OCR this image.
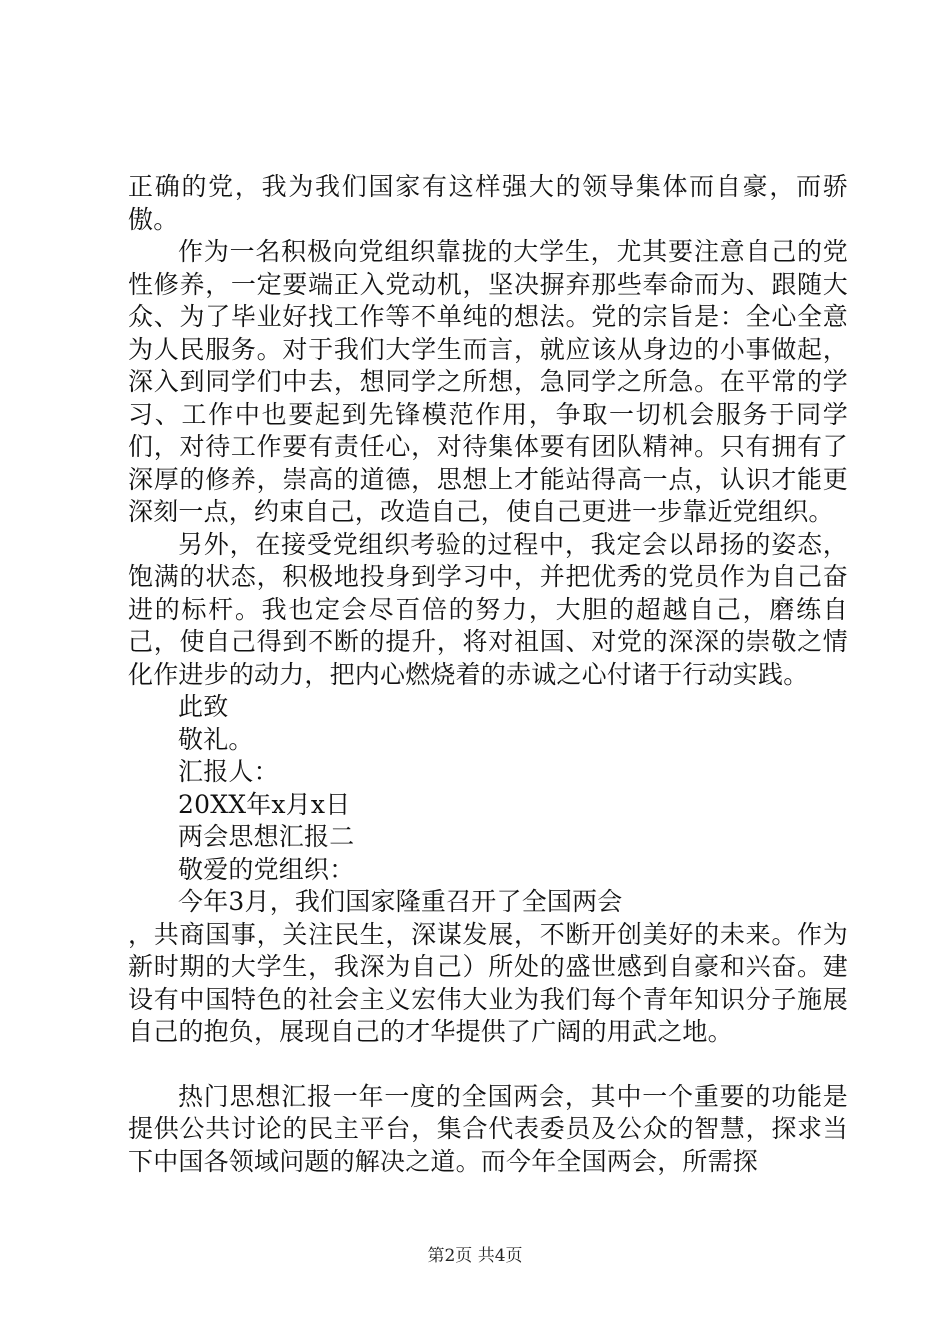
正确的党，我为我们国家有这样强大的领导集体而自豪，而骄傲。

作为一名积极向党组织靠拢的大学生，尤其要注意自己的党性修养，一定要端正入党动机，坚决摒弃那些奉命而为、跟随大众、为了毕业好找工作等不单纯的想法。党的宗旨是：全心全意为人民服务。对于我们大学生而言，就应该从身边的小事做起，深入到同学们中去，想同学之所想，急同学之所急。在平常的学习、工作中也要起到先锋模范作用，争取一切机会服务于同学们，对待工作要有责任心，对待集体要有团队精神。只有拥有了深厚的修养，崇高的道德，思想上才能站得高一点，认识才能更深刻一点，约束自己，改造自己，使自己更进一步靠近党组织。

另外，在接受党组织考验的过程中，我定会以昂扬的姿态，饱满的状态，积极地投身到学习中，并把优秀的党员作为自己奋进的标杆。我也定会尽百倍的努力，大胆的超越自己，磨练自己，使自己得到不断的提升，将对祖国、对党的深深的崇敬之情化作进步的动力，把内心燃烧着的赤诚之心付诸于行动实践。

此致

敬礼。

汇报人：

20XX年x月x日

两会思想汇报二

敬爱的党组织：

今年3月，我们国家隆重召开了全国两会

，共商国事，关注民生，深谋发展，不断开创美好的未来。作为新时期的大学生，我深为自己）所处的盛世感到自豪和兴奋。建设有中国特色的社会主义宏伟大业为我们每个青年知识分子施展自己的抱负，展现自己的才华提供了广阔的用武之地。

热门思想汇报一年一度的全国两会，其中一个重要的功能是提供公共讨论的民主平台，集合代表委员及公众的智慧，探求当下中国各领域问题的解决之道。而今年全国两会，所需探

第2页 共4页
